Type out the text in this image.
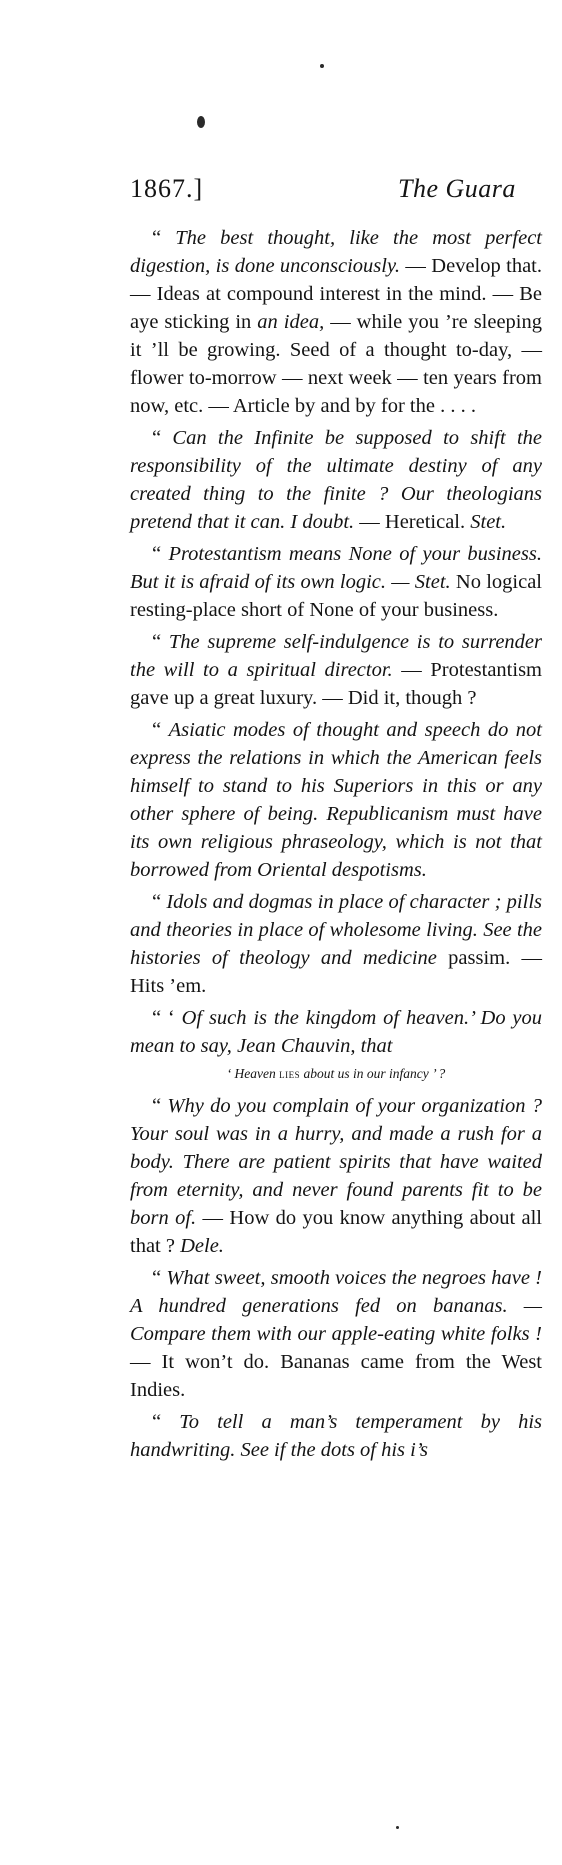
1867.]	The Guara

“ The best thought, like the most perfect digestion, is done unconsciously. — Develop that. — Ideas at compound interest in the mind. — Be aye sticking in an idea, — while you ’re sleeping it ’ll be growing. Seed of a thought to-day, — flower to-morrow — next week — ten years from now, etc. — Article by and by for the . . . .

“ Can the Infinite be supposed to shift the responsibility of the ultimate destiny of any created thing to the finite ? Our theologians pretend that it can. I doubt. — Heretical. Stet.

“ Protestantism means None of your business. But it is afraid of its own logic. — Stet. No logical resting-place short of None of your business.

“ The supreme self-indulgence is to surrender the will to a spiritual director. — Protestantism gave up a great luxury. — Did it, though ?

“ Asiatic modes of thought and speech do not express the relations in which the American feels himself to stand to his Superiors in this or any other sphere of being. Republicanism must have its own religious phraseology, which is not that borrowed from Oriental despotisms.

“ Idols and dogmas in place of character ; pills and theories in place of wholesome living. See the histories of theology and medicine passim. — Hits ’em.

“ ‘ Of such is the kingdom of heaven.’ Do you mean to say, Jean Chauvin, that

‘ Heaven lies about us in our infancy ’ ?

“ Why do you complain of your organization ? Your soul was in a hurry, and made a rush for a body. There are patient spirits that have waited from eternity, and never found parents fit to be born of. — How do you know anything about all that ? Dele.

“ What sweet, smooth voices the negroes have ! A hundred generations fed on bananas. — Compare them with our apple-eating white folks ! — It won’t do. Bananas came from the West Indies.

“ To tell a man’s temperament by his handwriting. See if the dots of his i’s
